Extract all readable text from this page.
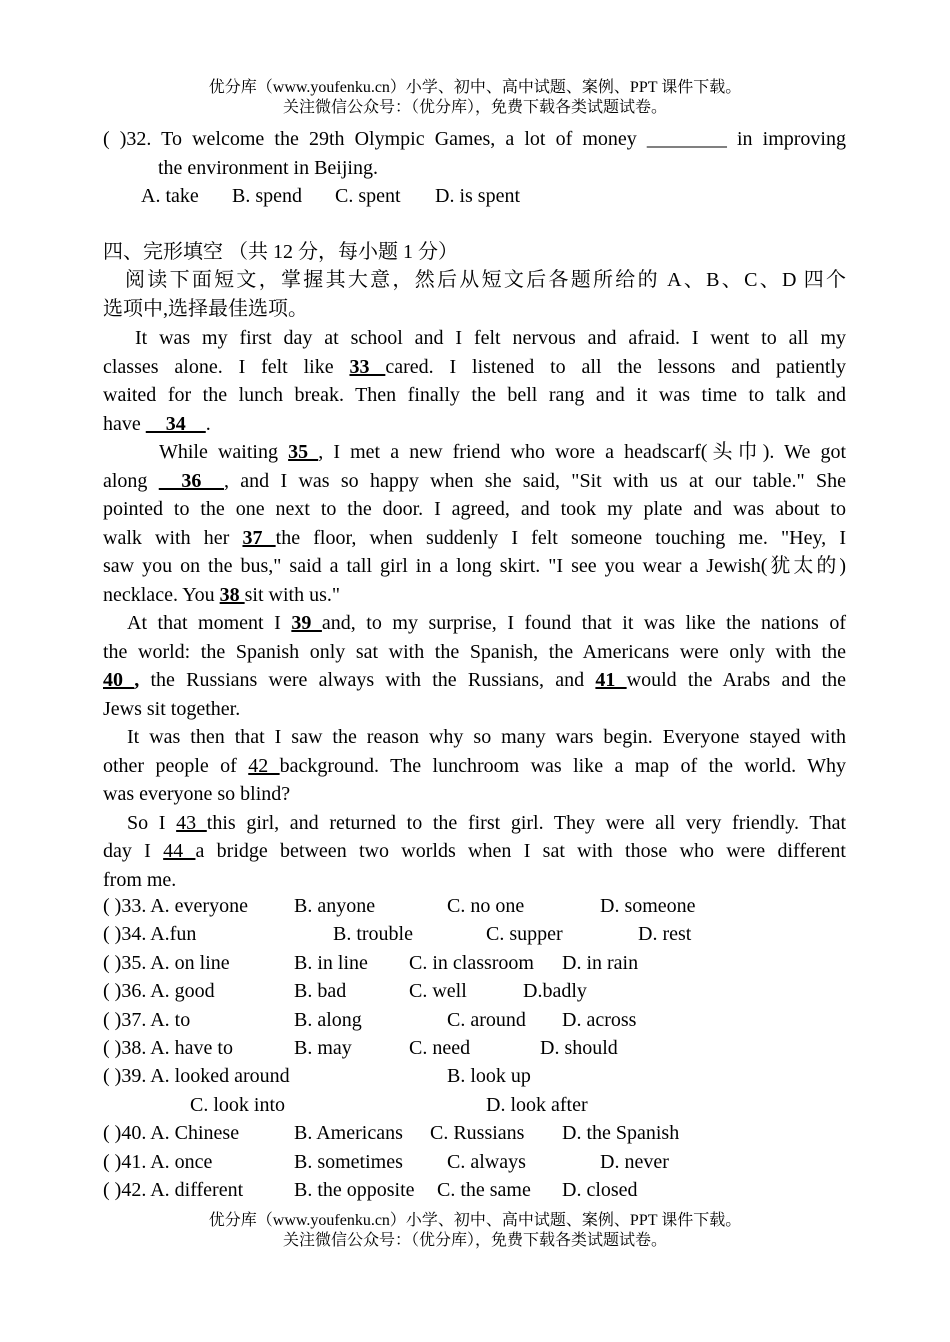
优分库（www.youfenku.cn）小学、初中、高中试题、案例、PPT 课件下载。
关注微信公众号：（优分库），免费下载各类试题试卷。
( )32. To welcome the 29th Olympic Games, a lot of money ________ in improving
the environment in Beijing.
A. take B. spend C. spent D. is spent
四、完形填空 （共 12 分，每小题 1 分）
阅读下面短文，掌握其大意，然后从短文后各题所给的 A、B、C、D 四个
选项中,选择最佳选项。
It was my first day at school and I felt nervous and afraid. I went to all my
classes alone. I felt like 33 cared. I listened to all the lessons and patiently
waited for the lunch break. Then finally the bell rang and it was time to talk and
have     34    .
While waiting 35 , I met a new friend who wore a headscarf(头巾). We got
along   36  , and I was so happy when she said, "Sit with us at our table." She
pointed to the one next to the door. I agreed, and took my plate and was about to
walk with her 37 the floor, when suddenly I felt someone touching me. "Hey, I
saw you on the bus," said a tall girl in a long skirt. "I see you wear a Jewish(犹太的)
necklace. You 38 sit with us."
At that moment I 39 and, to my surprise, I found that it was like the nations of
the world: the Spanish only sat with the Spanish, the Americans were only with the
40 , the Russians were always with the Russians, and 41 would the Arabs and the
Jews sit together.
It was then that I saw the reason why so many wars begin. Everyone stayed with
other people of 42 background. The lunchroom was like a map of the world. Why
was everyone so blind?
So I 43 this girl, and returned to the first girl. They were all very friendly. That
day I 44 a bridge between two worlds when I sat with those who were different
from me.
( )33. A. everyone B. anyone	C. no one	D. someone
( )34. A.fun	B. trouble	C. supper	D. rest
( )35. A. on line	B. in line C. in classroom D. in rain
( )36. A. good	B. bad	C. well	D.badly
( )37. A. to	B. along	C. around D. across
( )38. A. have to	B. may	C. need	D. should
( )39. A. looked around	B. look up
C. look into	D. look after
( )40. A. Chinese	B. Americans C. Russians D. the Spanish
( )41. A. once	B. sometimes C. always	D. never
( )42. A. different	B. the opposite C. the same D. closed
优分库（www.youfenku.cn）小学、初中、高中试题、案例、PPT 课件下载。
关注微信公众号：（优分库），免费下载各类试题试卷。
